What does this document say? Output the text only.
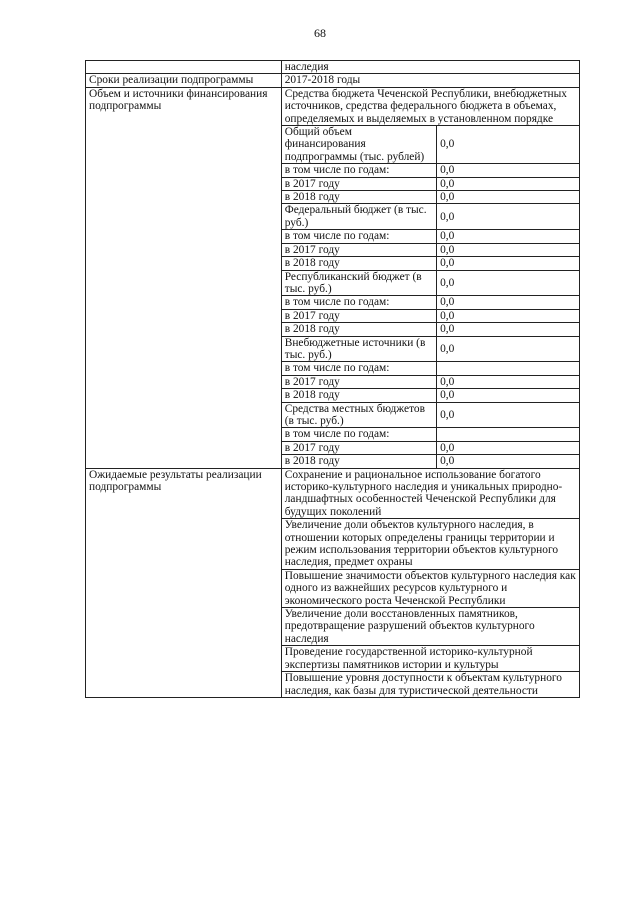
68
	наследия	
Сроки реализации подпрограммы	2017-2018 годы	
Объем и источники финансирования подпрограммы	Средства бюджета Чеченской Республики, внебюджетных источников, средства федерального бюджета в объемах, определяемых и выделяемых в установленном порядке	
	Общий объем финансирования подпрограммы (тыс. рублей)	0,0
	в том числе по годам:	0,0
	в 2017 году	0,0
	в 2018 году	0,0
	Федеральный бюджет (в тыс. руб.)	0,0
	в том числе по годам:	0,0
	в 2017 году	0,0
	в 2018 году	0,0
	Республиканский бюджет (в тыс. руб.)	0,0
	в том числе по годам:	0,0
	в 2017 году	0,0
	в 2018 году	0,0
	Внебюджетные источники (в тыс. руб.)	0,0
	в том числе по годам:	
	в 2017 году	0,0
	в 2018 году	0,0
	Средства местных бюджетов (в тыс. руб.)	0,0
	в том числе по годам:	
	в 2017 году	0,0
	в 2018 году	0,0
Ожидаемые результаты реализации подпрограммы	Сохранение и рациональное использование богатого историко-культурного наследия и уникальных природно-ландшафтных особенностей Чеченской Республики для будущих поколений	
	Увеличение доли объектов культурного наследия, в отношении которых определены границы территории и режим использования территории объектов культурного наследия, предмет охраны	
	Повышение значимости объектов культурного наследия как одного из важнейших ресурсов культурного и экономического роста Чеченской Республики	
	Увеличение доли восстановленных памятников, предотвращение разрушений объектов культурного наследия	
	Проведение государственной историко-культурной экспертизы памятников истории и культуры	
	Повышение уровня доступности к объектам культурного наследия, как базы для туристической деятельности	
